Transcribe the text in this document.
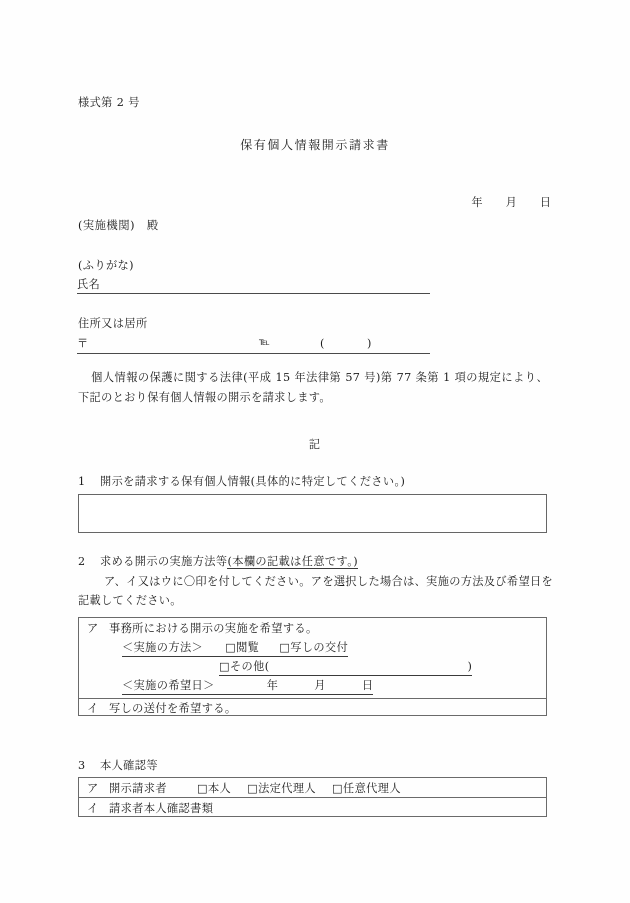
様式第 2 号
保有個人情報開示請求書

年 月 日

(実施機関)　殿
(ふりがな)
氏名
住所又は居所
〒	℡	(	)
個人情報の保護に関する法律(平成 15 年法律第 57 号)第 77 条第 1 項の規定により、下記のとおり保有個人情報の開示を請求します。
記
1 開示を請求する保有個人情報(具体的に特定してください。)
2 求める開示の実施方法等(本欄の記載は任意です。)
ア、イ又はウに〇印を付してください。アを選択した場合は、実施の方法及び希望日を記載してください。
ア 事務所における開示の実施を希望する。
＜実施の方法＞ □閲覧 □写しの交付
□その他(	)
＜実施の希望日＞	年	月	日
イ 写しの送付を希望する。
3 本人確認等
ア 開示請求者	□本人 □法定代理人 □任意代理人
イ 請求者本人確認書類
